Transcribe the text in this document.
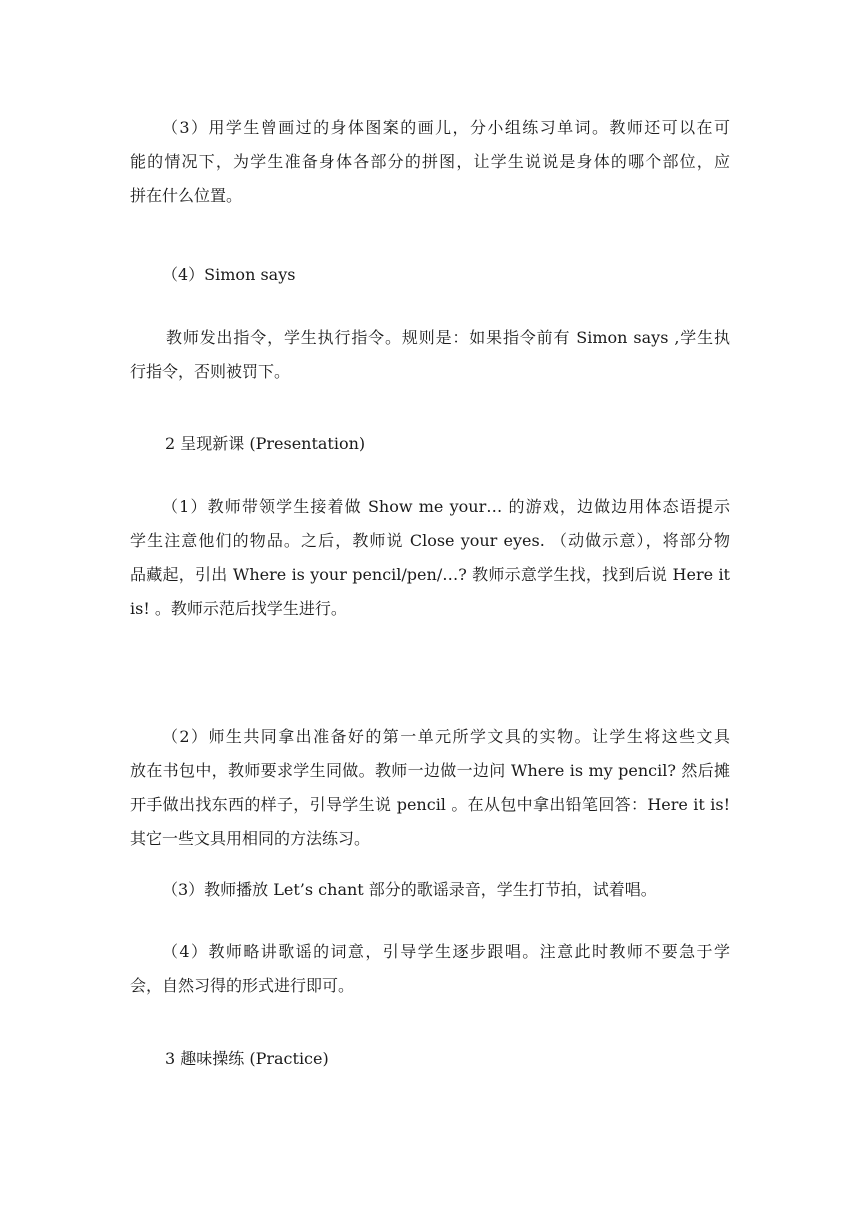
（3）用学生曾画过的身体图案的画儿，分小组练习单词。教师还可以在可
能的情况下，为学生准备身体各部分的拼图，让学生说说是身体的哪个部位，应
拼在什么位置。
（4）Simon says
教师发出指令，学生执行指令。规则是：如果指令前有 Simon says ,学生执
行指令，否则被罚下。

2 呈现新课 (Presentation)

（1）教师带领学生接着做 Show me your… 的游戏，边做边用体态语提示
学生注意他们的物品。之后，教师说 Close your eyes. （动做示意），将部分物
品藏起，引出 Where is your pencil/pen/…? 教师示意学生找，找到后说 Here it
is! 。教师示范后找学生进行。
（2）师生共同拿出准备好的第一单元所学文具的实物。让学生将这些文具
放在书包中，教师要求学生同做。教师一边做一边问 Where is my pencil? 然后摊
开手做出找东西的样子，引导学生说 pencil 。在从包中拿出铅笔回答：Here it is!
其它一些文具用相同的方法练习。
（3）教师播放 Let’s chant 部分的歌谣录音，学生打节拍，试着唱。
（4）教师略讲歌谣的词意，引导学生逐步跟唱。注意此时教师不要急于学
会，自然习得的形式进行即可。

3 趣味操练 (Practice)
